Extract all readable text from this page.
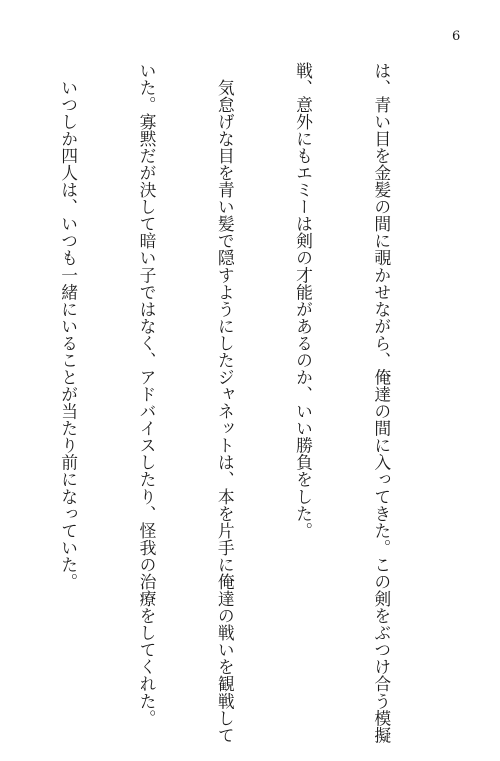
6

は、青い目を金髪の間に覗かせながら、俺達の間に入ってきた。この剣をぶつけ合う模擬

戦、意外にもエミーは剣の才能があるのか、いい勝負をした。

　気怠げな目を青い髪で隠すようにしたジャネットは、本を片手に俺達の戦いを観戦して

いた。寡黙だが決して暗い子ではなく、アドバイスしたり、怪我の治療をしてくれた。

　いつしか四人は、いつも一緒にいることが当たり前になっていた。
